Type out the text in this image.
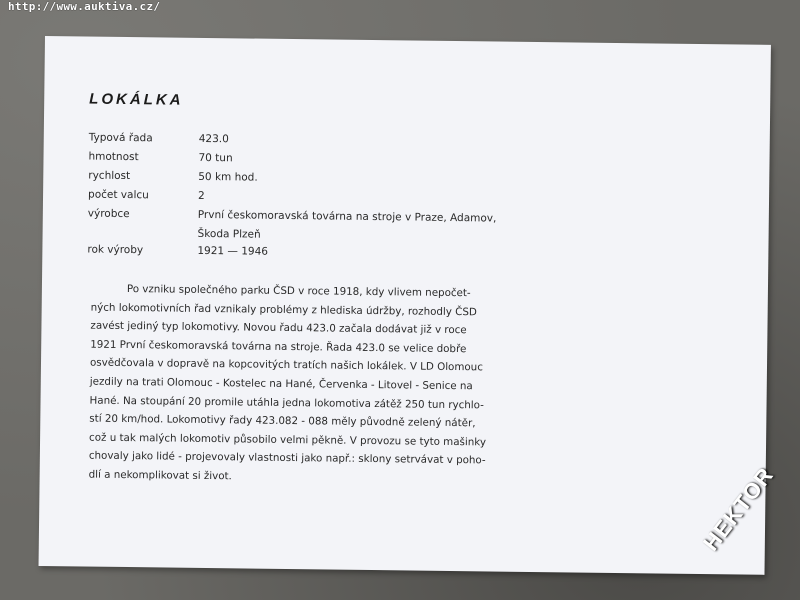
http://www.auktiva.cz/
LOKÁLKA
Typová řada	423.0
hmotnost	70 tun
rychlost	50 km hod.
počet valcu	2
výrobce	První českomoravská továrna na stroje v Praze, Adamov, Škoda Plzeň
rok výroby	1921 — 1946
Po vzniku společného parku ČSD v roce 1918, kdy vlivem nepočet-
ných lokomotivních řad vznikaly problémy z hlediska údržby, rozhodly ČSD
zavést jediný typ lokomotivy. Novou řadu 423.0 začala dodávat již v roce
1921 První českomoravská továrna na stroje. Řada 423.0 se velice dobře
osvědčovala v dopravě na kopcovitých tratích našich lokálek. V LD Olomouc
jezdily na trati Olomouc - Kostelec na Hané, Červenka - Litovel - Senice na
Hané. Na stoupání 20 promile utáhla jedna lokomotiva zátěž 250 tun rychlo-
stí 20 km/hod. Lokomotivy řady 423.082 - 088 měly původně zelený nátěr,
což u tak malých lokomotiv působilo velmi pěkně. V provozu se tyto mašinky
chovaly jako lidé - projevovaly vlastnosti jako např.: sklony setrvávat v poho-
dlí a nekomplikovat si život.	HEKTOR
